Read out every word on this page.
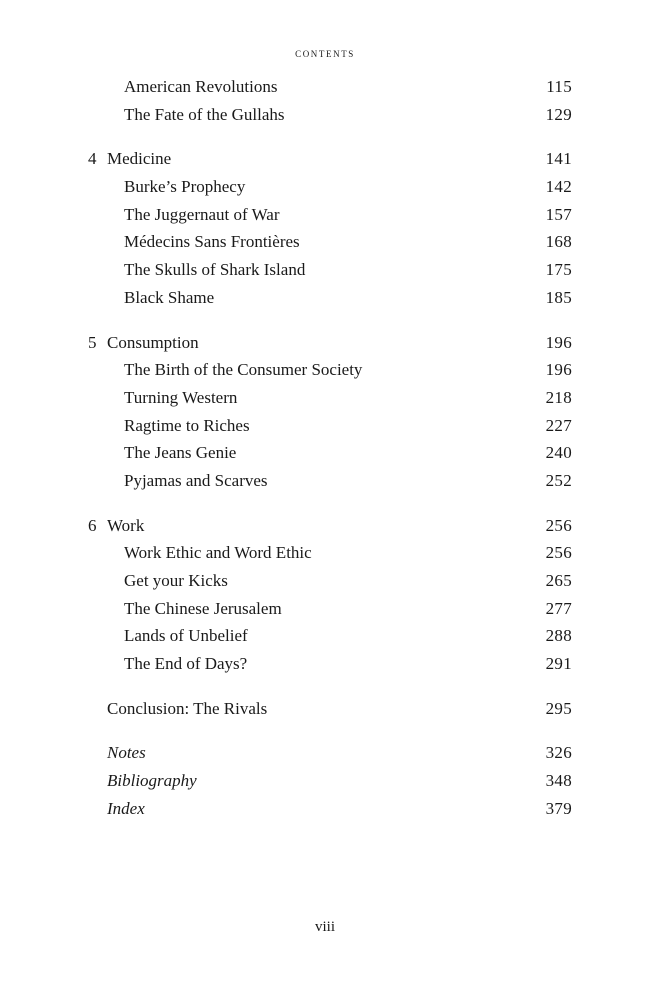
contents
American Revolutions	115
The Fate of the Gullahs	129
4 Medicine	141
Burke’s Prophecy	142
The Juggernaut of War	157
Médecins Sans Frontières	168
The Skulls of Shark Island	175
Black Shame	185
5 Consumption	196
The Birth of the Consumer Society	196
Turning Western	218
Ragtime to Riches	227
The Jeans Genie	240
Pyjamas and Scarves	252
6 Work	256
Work Ethic and Word Ethic	256
Get your Kicks	265
The Chinese Jerusalem	277
Lands of Unbelief	288
The End of Days?	291
Conclusion: The Rivals	295
Notes	326
Bibliography	348
Index	379
viii
